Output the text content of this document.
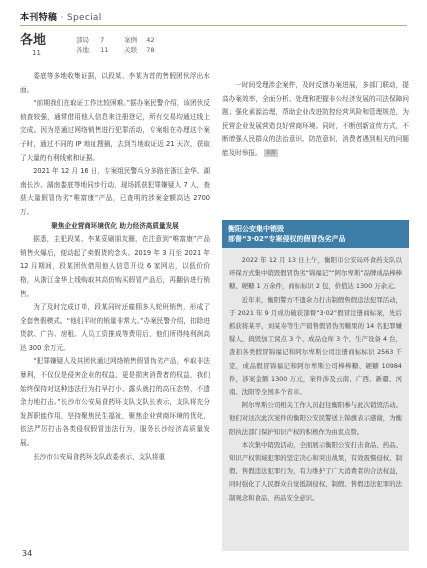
本刊特稿 · Special
各地
11
部局 7	案例 42
各地 11 关联 78

委底等多地收集证据，以段某、李某为首的售假团伙浮出水面。

“前期我们在取证工作比较困难。”据办案民警介绍，该团伙反侦查较强，通常借用他人信息来注册登记，所有交易均通过线上完成。因为是通过网络销售进行犯罪活动，专案组在办理这个案子时，通过不同的 IP 地址搜捕，去到当地取证近 21 天次，获取了大量的有利线索和证据。

2021 年 12 月 16 日，专案组民警兵分多路在浙江金华、湖南长沙、湖南娄底等地同步行动，现场抓获犯罪嫌疑人 7 人，查获大量假冒伪劣“唯富康”产品，已查明的涉案金额高达 2700 万。

聚焦企业营商环境优化 助力经济高质量发展

据悉，主犯段某、李某妥刷朋友圈，在注意到“唯富康”产品销售火爆后，便动起了卖假货的念头。2019 年 3 月至 2021 年 12 月期间，段某团伙借用他人信息开设 6 家网店，以低价价格，从浙江金华上线购取其高仿购买假冒产品后，再翻倍进行销售。

为了及时完成订单，段某同时还雇佣多人轮班销售，形成了全套售假模式。“他们平时的销量非常大。”办案民警介绍，扣除进货款、广告、房租、人员工资推成等费用后，他们所得纯利润高达 300 余万元。

“犯罪嫌疑人及其团伙通过网络销售假冒伪劣产品，牟取非法暴利，不仅仅是侵害企业的权益，更是损害消费者的权益，我们始终保持对这种违法行为打早打小、露头就打的高压态势，不遗余力地打击。”长沙市公安局食药环支队支队长表示，支队将充分发挥职能作用，坚持聚焦民生福祉，聚焦企业营商环境的优化，依法严厉打击各类侵权假冒违法行为，服务长沙经济高质量发展。

长沙市公安局食药环支队政委表示，支队将重

一时间受理涉企案件，及时反馈办案进展，多部门联动，提高办案效率，全面分析、处理和把握非公经济发展的司法保障问题；强化素源治理，帮助企业改进防控经营风险和管理规范，为民营企业发展营造良好营商环境。同时，不断创新宣传方式，不断增强人民群众的法治意识、防范意识，消费者遇到相关的问题能及时举报。 来源

衡阳公安集中销毁
部督“3·02”专案侵权的假冒伪劣产品

2022 年 12 月 13 日上午，衡阳市公安局环食药支队以环保方式集中销毁假冒伪劣“锦福记”“阿尔卑斯”品牌成品棒棒糖、硬糖 1 万余件，商标标识 2 包，价值达 1300 万余元。

近年来，衡阳警方不遗余力打击制假售假违法犯罪活动，于 2021 年 9 月成功破获部督“3·02”假冒注册商标案，先后抓获将某平、刘某寿等生产销售假冒伪劣糖果的 14 名犯罪嫌疑人，捣毁加工窝点 3 个、成品仓库 3 个、生产设备 4 台，查扣各类假冒锦福记和阿尔卑斯公司注册商标标识 2563 千克，成品假冒锦福记和阿尔卑斯公司棒棒糖、硬糖 10984 件，涉案金额 1300 万元，案件涉及云南、广西、新疆、河南、沈阳等全国多个省市。

阿尔卑斯公司相关工作人员赶往衡阳参与此次销毁活动。他们对这次此次案件的衡阳公安民警送上锦旗表示感谢，为衡阳执法部门保护知识产权的积极作为由衷点赞。

本次集中销毁活动，全面展示衡阳公安打击食品、药品、知识产权领域犯罪的坚定决心和突出战果，有效震慑侵权、制假、售假违法犯罪行为，有力维护了广大消费者的合法权益，同时强化了人民群众自觉抵制侵权、制假、售假违法犯罪的法制观念和食品、药品安全意识。

34
